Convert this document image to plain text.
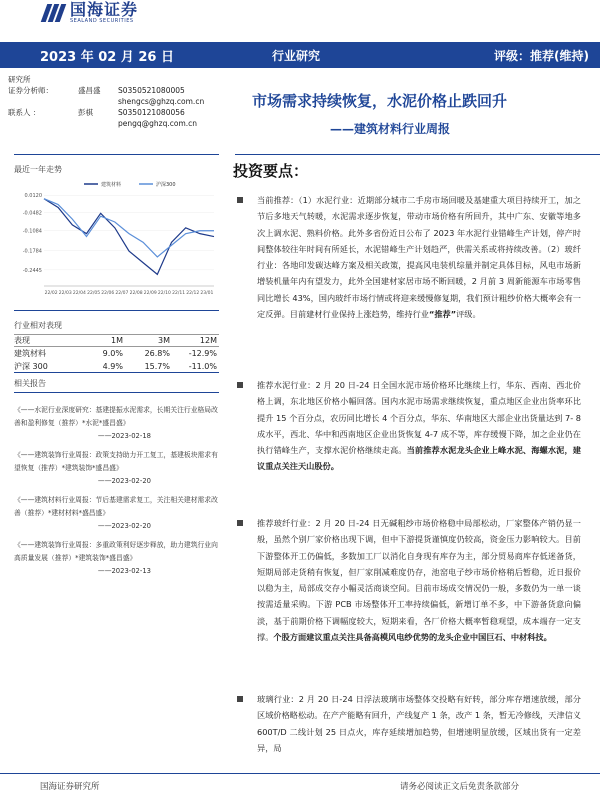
国海证券
SEALAND SECURITIES
2023 年 02 月 26 日	行业研究	评级：推荐(维持)
研究所
证券分析师：	盛昌盛	S0350521080005
shengcs@ghzq.com.cn
联系人 ：	彭棋	S0350121080056
pengq@ghzq.com.cn
市场需求持续恢复，水泥价格止跌回升
——建筑材料行业周报
最近一年走势
0.0120
-0.0482
-0.1084
-0.1784
-0.2445
22/02 22/03 22/04 22/05 22/06 22/07 22/08 22/09 22/10 22/11 22/12 23/01
建筑材料	沪深300
行业相对表现
表现	1M	3M	12M
建筑材料	9.0%	26.8%	-12.9%
沪深 300	4.9%	15.7%	-11.0%
相关报告
《——水泥行业深度研究：基建提振水泥需求，长期关注行业格局改善和盈利修复（推荐）*水泥*盛昌盛》
——2023-02-18
《——建筑装饰行业周报：政策支持助力开工复工，基建板块需求有望恢复（推荐）*建筑装饰*盛昌盛》
——2023-02-20
《——建筑材料行业周报：节后基建需求复工，关注相关建材需求改善（推荐）*建材材料*盛昌盛》
——2023-02-20
《——建筑装饰行业周报：多重政策利好逐步释放，助力建筑行业向高质量发展（推荐）*建筑装饰*盛昌盛》
——2023-02-13
投资要点：
当前推荐：（1）水泥行业：近期部分城市二手房市场回暖及基建重大项目持续开工，加之节后多地天气转暖，水泥需求逐步恢复，带动市场价格有所回升，其中广东、安徽等地多次上调水泥、熟料价格。此外多省份近日公布了 2023 年水泥行业错峰生产计划，停产时间整体较往年时间有所延长，水泥错峰生产计划趋严，供需关系或将持续改善。（2）玻纤行业：各地印发碳达峰方案及相关政策，提高风电装机综量并制定具体目标，风电市场新增装机量年内有望发力，此外全国建材家居市场不断回暖，2 月前 3 周新能源车市场零售同比增长 43%，国内玻纤市场行情或将迎来缓慢修复期，我们预计粗纱价格大概率会有一定反弹。目前建材行业保持上涨趋势，维持行业“推荐”评级。
推荐水泥行业：2 月 20 日-24 日全国水泥市场价格环比继续上行，华东、西南、西北价格上调，东北地区价格小幅回落。国内水泥市场需求继续恢复，重点地区企业出货率环比提升 15 个百分点，农历同比增长 4 个百分点，华东、华南地区大部企业出货量达到 7- 8 成水平，西北、华中和西南地区企业出货恢复 4-7 成不等，库存缓慢下降，加之企业仍在执行错峰生产，支撑水泥价格继续走高。当前推荐水泥龙头企业上峰水泥、海螺水泥，建议重点关注天山股份。
推荐玻纤行业：2 月 20 日-24 日无碱粗纱市场价格稳中局部松动，厂家整体产销仍显一般，虽然个别厂家价格出现下调，但中下游提货谨慎度仍较高，资金压力影响较大。目前下游整体开工仍偏低，多数加工厂以消化自身现有库存为主，部分贸易商库存低迷备货，短期局部走货稍有恢复，但厂家削减难度仍存，池窑电子纱市场价格稍后暂稳，近日报价以稳为主，局部成交存小幅灵活商谈空间。目前市场成交情况仍一般，多数仍为一单一谈按需适量采购。下游 PCB 市场整体开工率持续偏低，新增订单不多，中下游备货意向偏淡，基于前期价格下调幅度较大，短期来看，各厂价格大概率暂稳观望，成本端存一定支撑。个股方面建议重点关注具备高模风电纱优势的龙头企业中国巨石、中材科技。
玻璃行业：2 月 20 日-24 日浮法玻璃市场整体交投略有好转，部分库存增速放缓，部分区域价格略松动。在产产能略有回升，产线复产 1 条，改产 1 条，暂无冷修线，天津信义 600T/D 二线计划 25 日点火，库存延续增加趋势，但增速明显放缓，区域出货有一定差异，局
国海证券研究所	请务必阅读正文后免责条款部分
